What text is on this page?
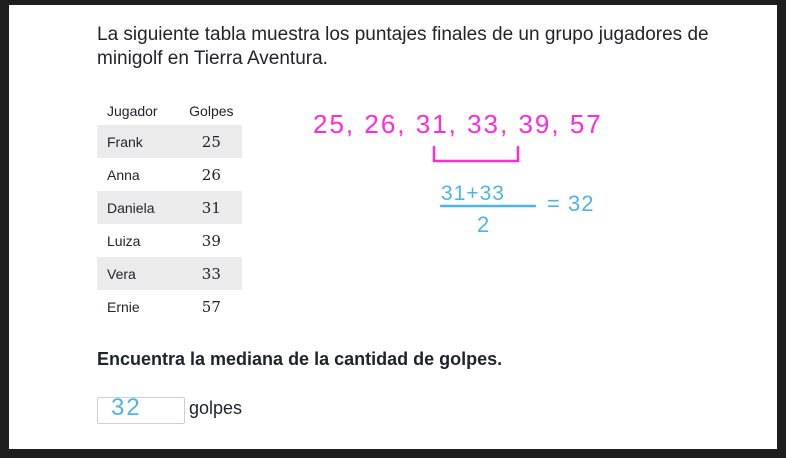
La siguiente tabla muestra los puntajes finales de un grupo jugadores de minigolf en Tierra Aventura.

Jugador	Golpes
Frank	25
Anna	26
Daniela	31
Luiza	39
Vera	33
Ernie	57

Encuentra la mediana de la cantidad de golpes.

32	golpes
25, 26, 31, 33, 39, 57
31+33
2
= 32
